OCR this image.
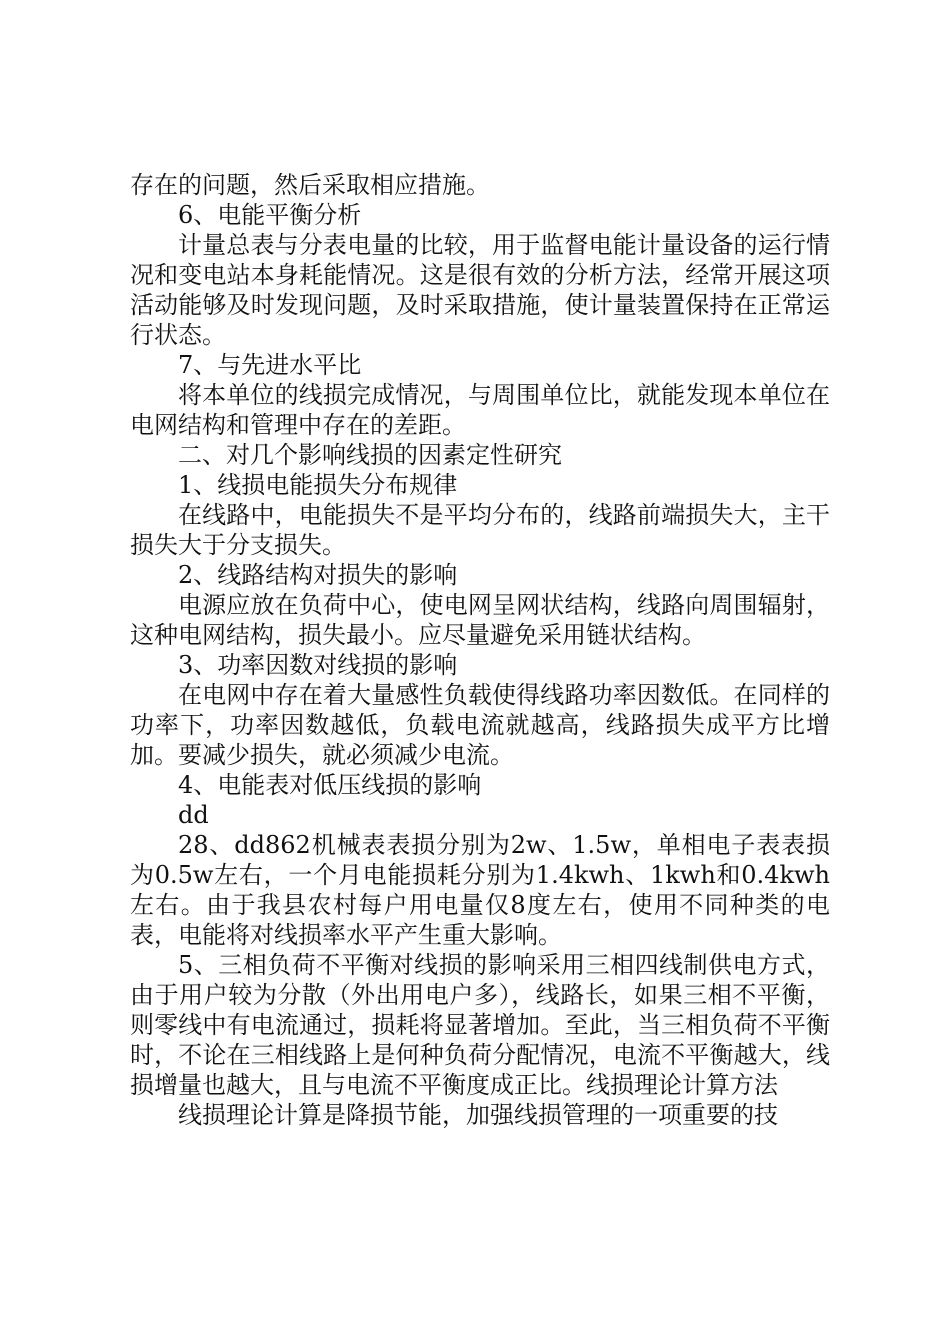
存在的问题，然后采取相应措施。

6、电能平衡分析

计量总表与分表电量的比较，用于监督电能计量设备的运行情况和变电站本身耗能情况。这是很有效的分析方法，经常开展这项活动能够及时发现问题，及时采取措施，使计量装置保持在正常运行状态。

7、与先进水平比

将本单位的线损完成情况，与周围单位比，就能发现本单位在电网结构和管理中存在的差距。

二、对几个影响线损的因素定性研究

1、线损电能损失分布规律

在线路中，电能损失不是平均分布的，线路前端损失大，主干损失大于分支损失。

2、线路结构对损失的影响

电源应放在负荷中心，使电网呈网状结构，线路向周围辐射，这种电网结构，损失最小。应尽量避免采用链状结构。

3、功率因数对线损的影响

在电网中存在着大量感性负载使得线路功率因数低。在同样的功率下，功率因数越低，负载电流就越高，线路损失成平方比增加。要减少损失，就必须减少电流。

4、电能表对低压线损的影响

dd

28、dd862机械表表损分别为2w、1.5w，单相电子表表损为0.5w左右，一个月电能损耗分别为1.4kwh、1kwh和0.4kwh左右。由于我县农村每户用电量仅8度左右，使用不同种类的电表，电能将对线损率水平产生重大影响。

5、三相负荷不平衡对线损的影响采用三相四线制供电方式，由于用户较为分散（外出用电户多），线路长，如果三相不平衡，则零线中有电流通过，损耗将显著增加。至此，当三相负荷不平衡时，不论在三相线路上是何种负荷分配情况，电流不平衡越大，线损增量也越大，且与电流不平衡度成正比。线损理论计算方法

线损理论计算是降损节能，加强线损管理的一项重要的技
